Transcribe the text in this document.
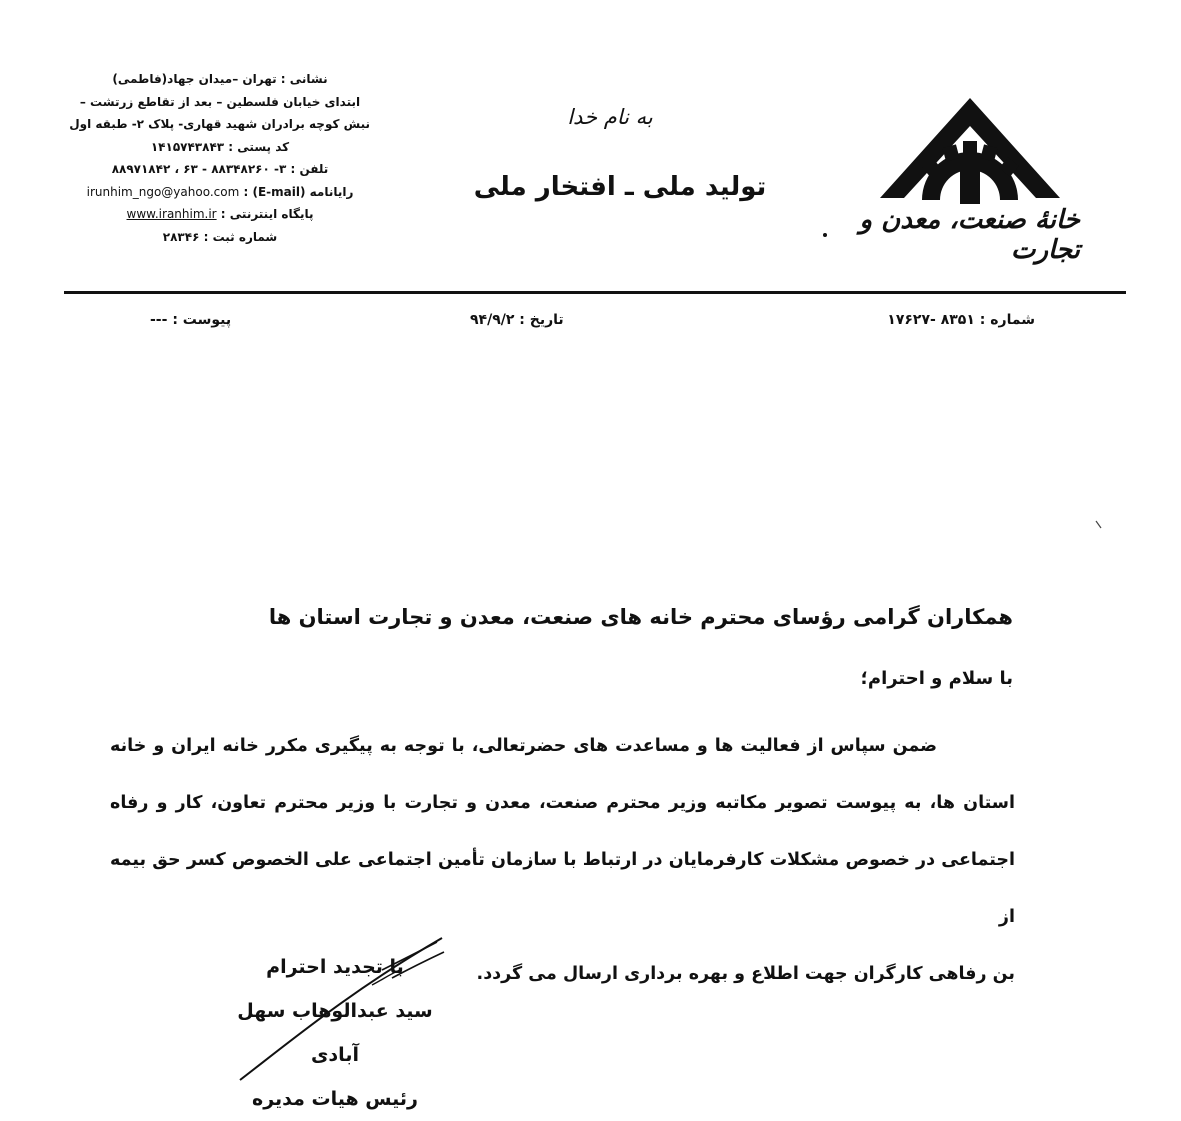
خانهٔ صنعت، معدن و تجارت
به نام خدا
تولید ملی ـ افتخار ملی
نشانی : تهران –میدان جهاد(فاطمی)
ابتدای خیابان فلسطین – بعد از تقاطع زرتشت –
نبش کوچه برادران شهید قهاری- پلاک ۲- طبقه اول
کد پستی : ۱۴۱۵۷۴۳۸۴۳
تلفن : ۳- ۸۸۳۴۸۲۶۰ - ۶۳ ، ۸۸۹۷۱۸۴۲
رایانامه (E-mail) : irunhim_ngo@yahoo.com
پایگاه اینترنتی : www.iranhim.ir
شماره ثبت : ۲۸۳۴۶
شماره : ۸۳۵۱ -۱۷۶۲۷
تاریخ : ۹۴/۹/۲
پیوست : ---
همکاران گرامی رؤسای محترم خانه های صنعت، معدن و تجارت استان ها
با سلام و احترام؛
ضمن سپاس از فعالیت ها و مساعدت های حضرتعالی، با توجه به پیگیری مکرر خانه ایران و خانه
استان ها، به پیوست تصویر مکاتبه وزیر محترم صنعت، معدن و تجارت با وزیر محترم تعاون، کار و رفاه
اجتماعی در خصوص مشکلات کارفرمایان در ارتباط با سازمان تأمین اجتماعی علی الخصوص کسر حق بیمه از
بن رفاهی کارگران جهت اطلاع و بهره برداری ارسال می گردد.
با تجدید احترام
سید عبدالوهاب سهل آبادی
رئیس هیات مدیره
